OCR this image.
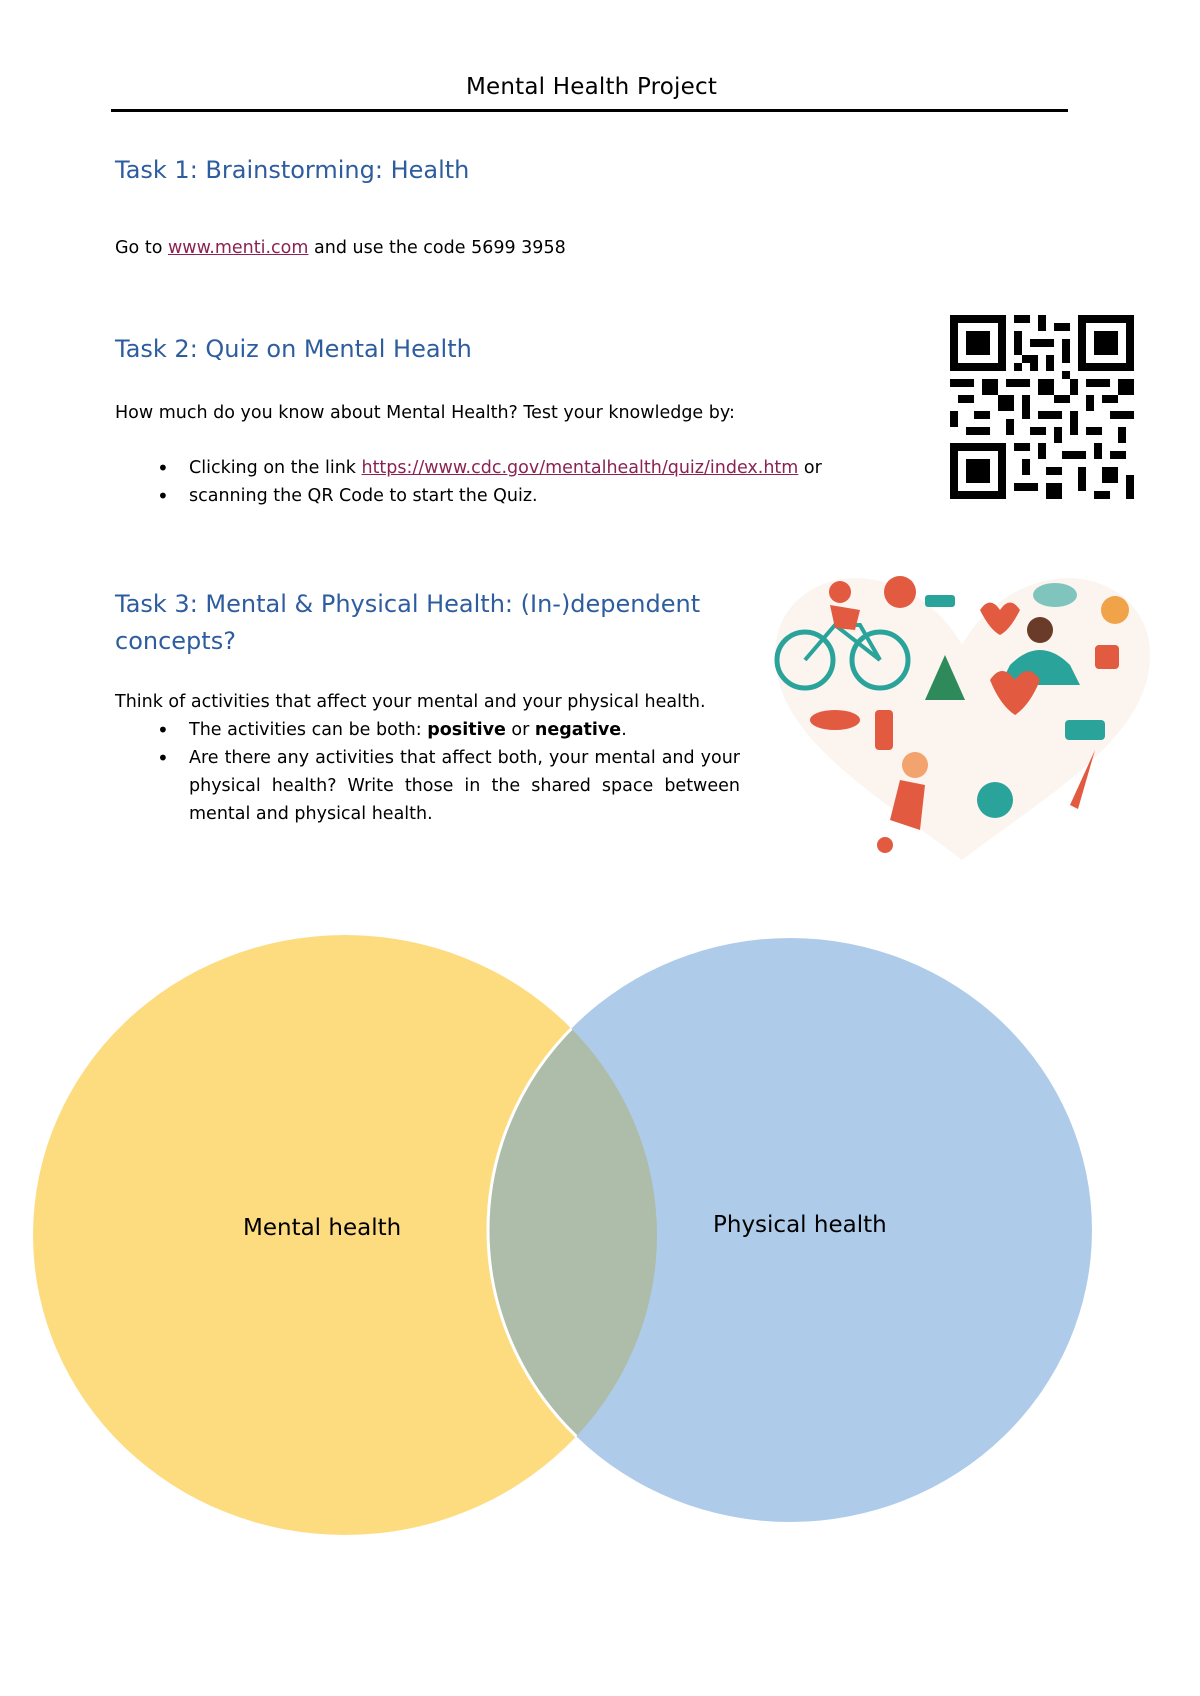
Mental Health Project
Task 1: Brainstorming: Health
Go to www.menti.com and use the code 5699 3958
Task 2: Quiz on Mental Health
How much do you know about Mental Health? Test your knowledge by:
• Clicking on the link https://www.cdc.gov/mentalhealth/quiz/index.htm or
• scanning the QR Code to start the Quiz.
Task 3: Mental & Physical Health: (In-)dependent concepts?
Think of activities that affect your mental and your physical health.
• The activities can be both: positive or negative.
• Are there any activities that affect both, your mental and your physical health? Write those in the shared space between mental and physical health.
Mental health	Physical health
